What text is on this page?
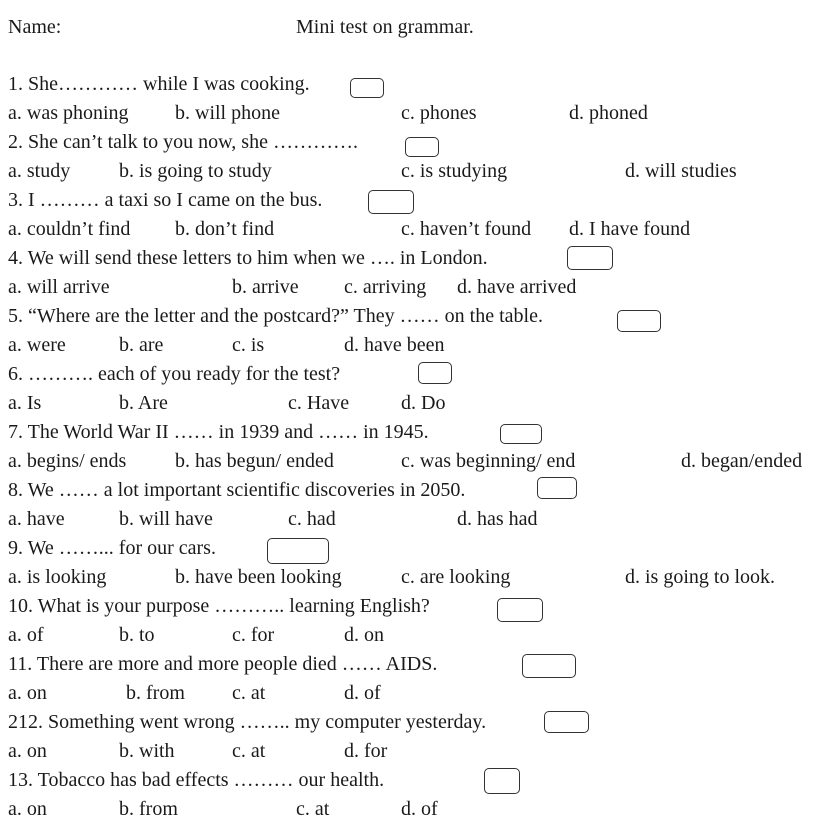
Name:	Mini test on grammar.
1. She………… while I was cooking.
a. was phoning b. will phone	c. phones	d. phoned
2. She can’t talk to you now, she ………….
a. study b. is going to study	c. is studying	d. will studies
3. I ……… a taxi so I came on the bus.
a. couldn’t find b. don’t find	c. haven’t found d. I have found
4. We will send these letters to him when we …. in London.
a. will arrive	b. arrive c. arriving d. have arrived
5. “Where are the letter and the postcard?” They …… on the table.
a. were	b. are	c. is	d. have been
6. ………. each of you ready for the test?
a. Is	b. Are	c. Have	d. Do
7. The World War II …… in 1939 and …… in 1945.
a. begins/ ends b. has begun/ ended	c. was beginning/ end	d. began/ended
8. We …… a lot important scientific discoveries in 2050.
a. have	b. will have	c. had	d. has had
9. We ……... for our cars.
a. is looking	b. have been looking	c. are looking	d. is going to look.
10. What is your purpose ……….. learning English?
a. of	b. to	c. for	d. on
11. There are more and more people died …… AIDS.
a. on	b. from c. at	d. of
212. Something went wrong …….. my computer yesterday.
a. on	b. with	c. at	d. for
13. Tobacco has bad effects ……… our health.
a. on	b. from	c. at	d. of
